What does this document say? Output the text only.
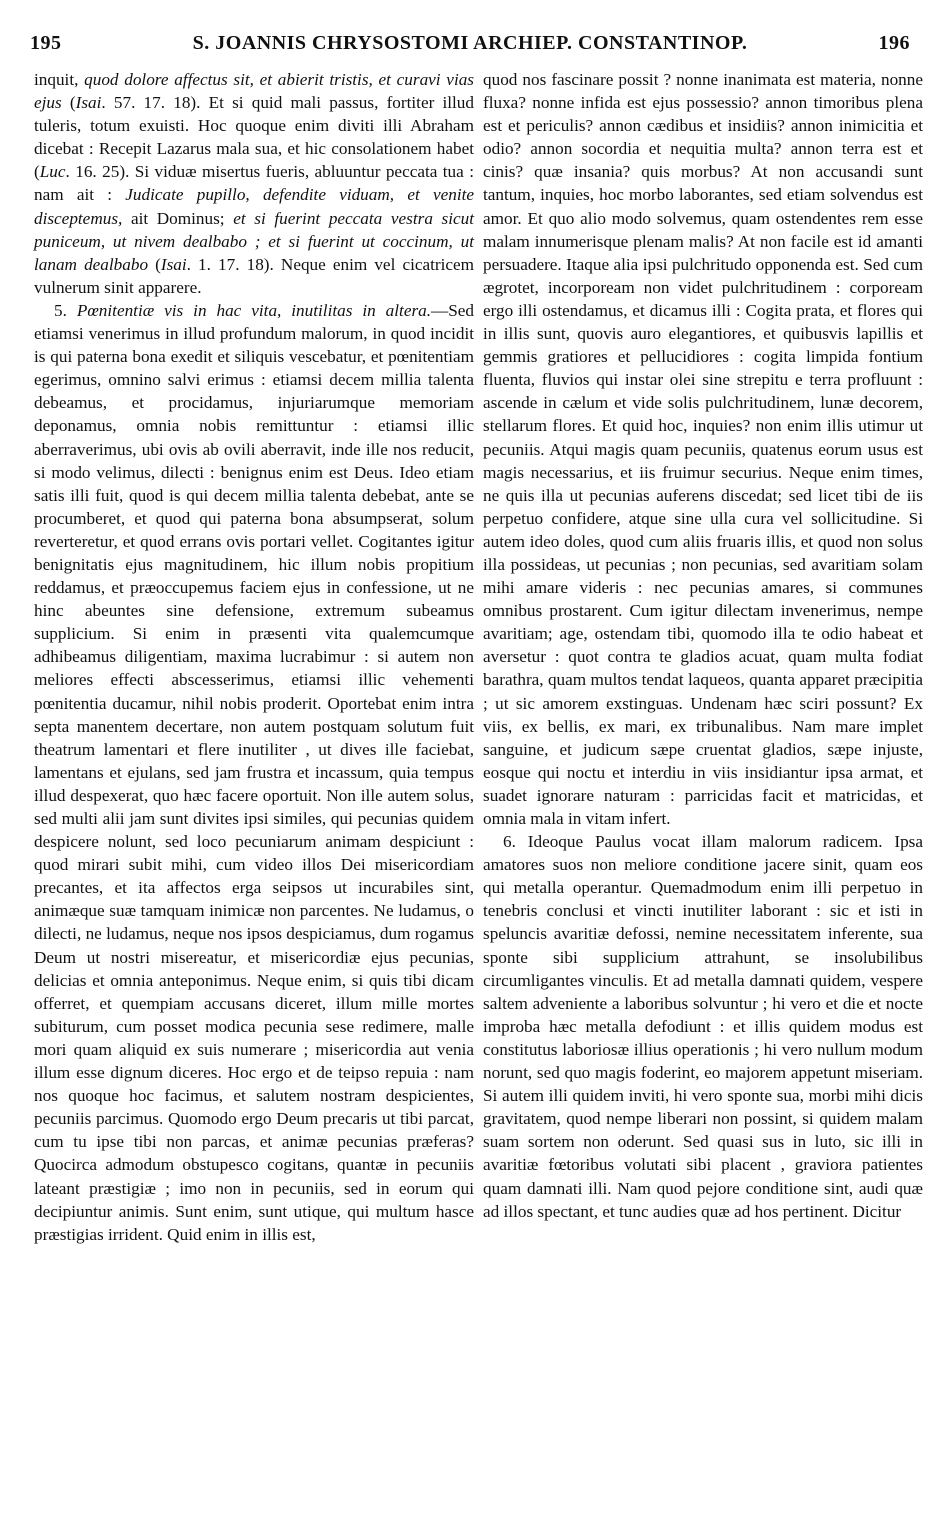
195	S. JOANNIS CHRYSOSTOMI ARCHIEP. CONSTANTINOP.	196

inquit, quod dolore affectus sit, et abierit tristis, et curavi vias ejus (Isai. 57. 17. 18). Et si quid mali passus, fortiter illud tuleris, totum exuisti. Hoc quoque enim diviti illi Abraham dicebat : Recepit Lazarus mala sua, et hic consolationem habet (Luc. 16. 25). Si viduæ misertus fueris, abluuntur peccata tua : nam ait : Judicate pupillo, defendite viduam, et venite disceptemus, ait Dominus; et si fuerint peccata vestra sicut puniceum, ut nivem dealbabo ; et si fuerint ut coccinum, ut lanam dealbabo (Isai. 1. 17. 18). Neque enim vel cicatricem vulnerum sinit apparere.

5. Pœnitentiæ vis in hac vita, inutilitas in altera.—Sed etiamsi venerimus in illud profundum malorum, in quod incidit is qui paterna bona exedit et siliquis vescebatur, et pœnitentiam egerimus, omnino salvi erimus : etiamsi decem millia talenta debeamus, et procidamus, injuriarumque memoriam deponamus, omnia nobis remittuntur : etiamsi illic aberraverimus, ubi ovis ab ovili aberravit, inde ille nos reducit, si modo velimus, dilecti : benignus enim est Deus. Ideo etiam satis illi fuit, quod is qui decem millia talenta debebat, ante se procumberet, et quod qui paterna bona absumpserat, solum reverteretur, et quod errans ovis portari vellet. Cogitantes igitur benignitatis ejus magnitudinem, hic illum nobis propitium reddamus, et præoccupemus faciem ejus in confessione, ut ne hinc abeuntes sine defensione, extremum subeamus supplicium. Si enim in præsenti vita qualemcumque adhibeamus diligentiam, maxima lucrabimur : si autem non meliores effecti abscesserimus, etiamsi illic vehementi pœnitentia ducamur, nihil nobis proderit. Oportebat enim intra septa manentem decertare, non autem postquam solutum fuit theatrum lamentari et flere inutiliter , ut dives ille faciebat, lamentans et ejulans, sed jam frustra et incassum, quia tempus illud despexerat, quo hæc facere oportuit. Non ille autem solus, sed multi alii jam sunt divites ipsi similes, qui pecunias quidem despicere nolunt, sed loco pecuniarum animam despiciunt : quod mirari subit mihi, cum video illos Dei misericordiam precantes, et ita affectos erga seipsos ut incurabiles sint, animæque suæ tamquam inimicæ non parcentes. Ne ludamus, o dilecti, ne ludamus, neque nos ipsos despiciamus, dum rogamus Deum ut nostri misereatur, et misericordiæ ejus pecunias, delicias et omnia anteponimus. Neque enim, si quis tibi dicam offerret, et quempiam accusans diceret, illum mille mortes subiturum, cum posset modica pecunia sese redimere, malle mori quam aliquid ex suis numerare ; misericordia aut venia illum esse dignum diceres. Hoc ergo et de teipso repuia : nam nos quoque hoc facimus, et salutem nostram despicientes, pecuniis parcimus. Quomodo ergo Deum precaris ut tibi parcat, cum tu ipse tibi non parcas, et animæ pecunias præferas? Quocirca admodum obstupesco cogitans, quantæ in pecuniis lateant præstigiæ ; imo non in pecuniis, sed in eorum qui decipiuntur animis. Sunt enim, sunt utique, qui multum hasce præstigias irrident. Quid enim in illis est,

quod nos fascinare possit ? nonne inanimata est materia, nonne fluxa? nonne infida est ejus possessio? annon timoribus plena est et periculis? annon cædibus et insidiis? annon inimicitia et odio? annon socordia et nequitia multa? annon terra est et cinis? quæ insania? quis morbus? At non accusandi sunt tantum, inquies, hoc morbo laborantes, sed etiam solvendus est amor. Et quo alio modo solvemus, quam ostendentes rem esse malam innumerisque plenam malis? At non facile est id amanti persuadere. Itaque alia ipsi pulchritudo opponenda est. Sed cum ægrotet, incorpoream non videt pulchritudinem : corpoream ergo illi ostendamus, et dicamus illi : Cogita prata, et flores qui in illis sunt, quovis auro elegantiores, et quibusvis lapillis et gemmis gratiores et pellucidiores : cogita limpida fontium fluenta, fluvios qui instar olei sine strepitu e terra profluunt : ascende in cælum et vide solis pulchritudinem, lunæ decorem, stellarum flores. Et quid hoc, inquies? non enim illis utimur ut pecuniis. Atqui magis quam pecuniis, quatenus eorum usus est magis necessarius, et iis fruimur securius. Neque enim times, ne quis illa ut pecunias auferens discedat; sed licet tibi de iis perpetuo confidere, atque sine ulla cura vel sollicitudine. Si autem ideo doles, quod cum aliis fruaris illis, et quod non solus illa possideas, ut pecunias ; non pecunias, sed avaritiam solam mihi amare videris : nec pecunias amares, si communes omnibus prostarent. Cum igitur dilectam invenerimus, nempe avaritiam; age, ostendam tibi, quomodo illa te odio habeat et aversetur : quot contra te gladios acuat, quam multa fodiat barathra, quam multos tendat laqueos, quanta apparet præcipitia ; ut sic amorem exstinguas. Undenam hæc sciri possunt? Ex viis, ex bellis, ex mari, ex tribunalibus. Nam mare implet sanguine, et judicum sæpe cruentat gladios, sæpe injuste, eosque qui noctu et interdiu in viis insidiantur ipsa armat, et suadet ignorare naturam : parricidas facit et matricidas, et omnia mala in vitam infert.

6. Ideoque Paulus vocat illam malorum radicem. Ipsa amatores suos non meliore conditione jacere sinit, quam eos qui metalla operantur. Quemadmodum enim illi perpetuo in tenebris conclusi et vincti inutiliter laborant : sic et isti in speluncis avaritiæ defossi, nemine necessitatem inferente, sua sponte sibi supplicium attrahunt, se insolubilibus circumligantes vinculis. Et ad metalla damnati quidem, vespere saltem adveniente a laboribus solvuntur ; hi vero et die et nocte improba hæc metalla defodiunt : et illis quidem modus est constitutus laboriosæ illius operationis ; hi vero nullum modum norunt, sed quo magis foderint, eo majorem appetunt miseriam. Si autem illi quidem inviti, hi vero sponte sua, morbi mihi dicis gravitatem, quod nempe liberari non possint, si quidem malam suam sortem non oderunt. Sed quasi sus in luto, sic illi in avaritiæ fœtoribus volutati sibi placent , graviora patientes quam damnati illi. Nam quod pejore conditione sint, audi quæ ad illos spectant, et tunc audies quæ ad hos pertinent. Dicitur
